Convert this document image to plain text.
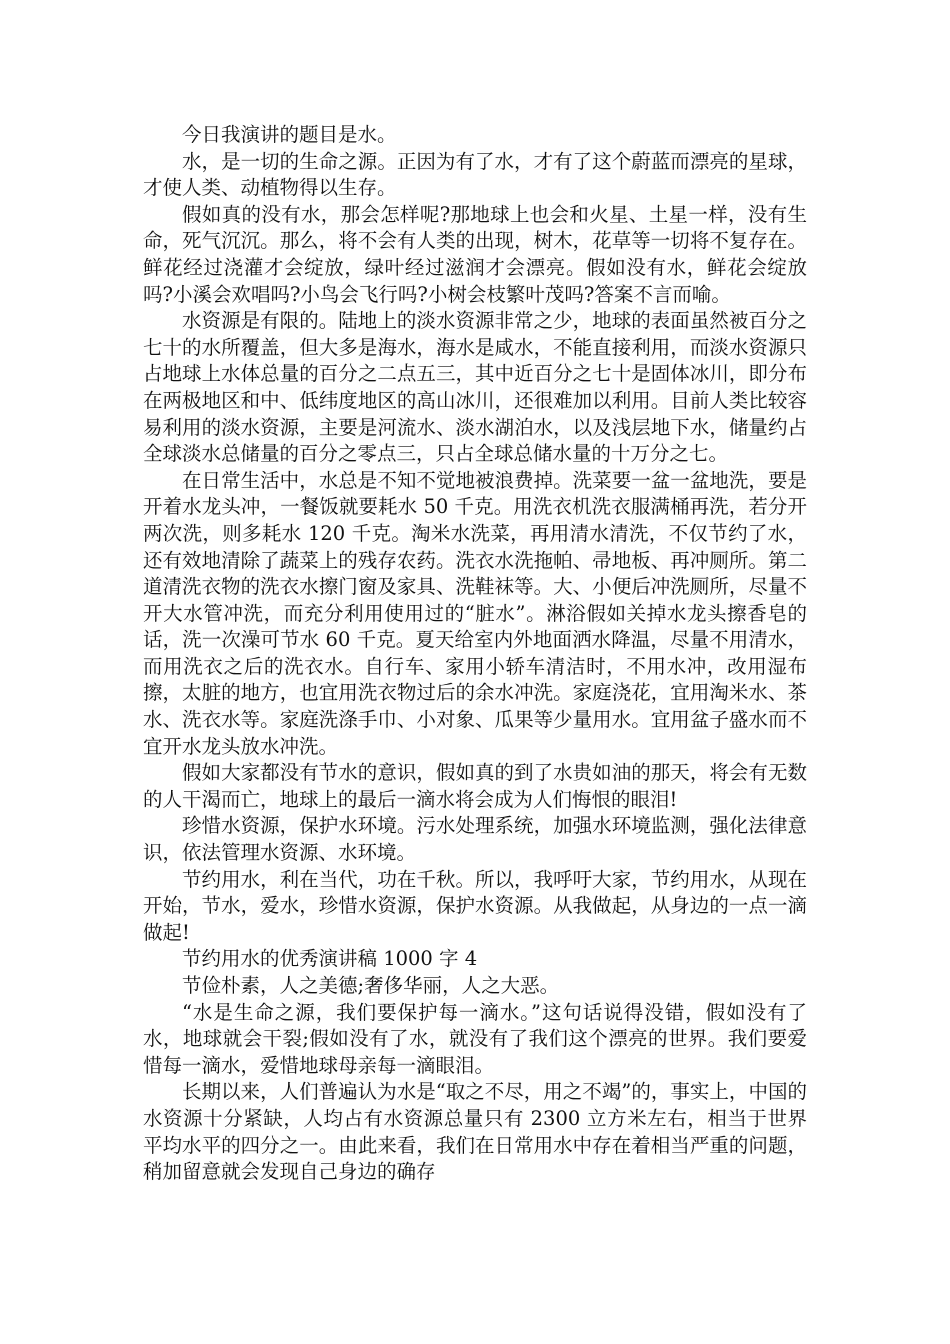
今日我演讲的题目是水。

水，是一切的生命之源。正因为有了水，才有了这个蔚蓝而漂亮的星球，才使人类、动植物得以生存。

假如真的没有水，那会怎样呢?那地球上也会和火星、土星一样，没有生命，死气沉沉。那么，将不会有人类的出现，树木，花草等一切将不复存在。鲜花经过浇灌才会绽放，绿叶经过滋润才会漂亮。假如没有水，鲜花会绽放吗?小溪会欢唱吗?小鸟会飞行吗?小树会枝繁叶茂吗?答案不言而喻。

水资源是有限的。陆地上的淡水资源非常之少，地球的表面虽然被百分之七十的水所覆盖，但大多是海水，海水是咸水，不能直接利用，而淡水资源只占地球上水体总量的百分之二点五三，其中近百分之七十是固体冰川，即分布在两极地区和中、低纬度地区的高山冰川，还很难加以利用。目前人类比较容易利用的淡水资源，主要是河流水、淡水湖泊水，以及浅层地下水，储量约占全球淡水总储量的百分之零点三，只占全球总储水量的十万分之七。

在日常生活中，水总是不知不觉地被浪费掉。洗菜要一盆一盆地洗，要是开着水龙头冲，一餐饭就要耗水 50 千克。用洗衣机洗衣服满桶再洗，若分开两次洗，则多耗水 120 千克。淘米水洗菜，再用清水清洗，不仅节约了水，还有效地清除了蔬菜上的残存农药。洗衣水洗拖帕、帚地板、再冲厕所。第二道清洗衣物的洗衣水擦门窗及家具、洗鞋袜等。大、小便后冲洗厕所，尽量不开大水管冲洗，而充分利用使用过的“脏水”。淋浴假如关掉水龙头擦香皂的话，洗一次澡可节水 60 千克。夏天给室内外地面洒水降温，尽量不用清水，而用洗衣之后的洗衣水。自行车、家用小轿车清洁时，不用水冲，改用湿布擦，太脏的地方，也宜用洗衣物过后的余水冲洗。家庭浇花，宜用淘米水、茶水、洗衣水等。家庭洗涤手巾、小对象、瓜果等少量用水。宜用盆子盛水而不宜开水龙头放水冲洗。

假如大家都没有节水的意识，假如真的到了水贵如油的那天，将会有无数的人干渴而亡，地球上的最后一滴水将会成为人们悔恨的眼泪!

珍惜水资源，保护水环境。污水处理系统，加强水环境监测，强化法律意识，依法管理水资源、水环境。

节约用水，利在当代，功在千秋。所以，我呼吁大家，节约用水，从现在开始，节水，爱水，珍惜水资源，保护水资源。从我做起，从身边的一点一滴做起!

节约用水的优秀演讲稿 1000 字 4

节俭朴素，人之美德;奢侈华丽，人之大恶。

“水是生命之源，我们要保护每一滴水。”这句话说得没错，假如没有了水，地球就会干裂;假如没有了水，就没有了我们这个漂亮的世界。我们要爱惜每一滴水，爱惜地球母亲每一滴眼泪。

长期以来，人们普遍认为水是“取之不尽，用之不竭”的，事实上，中国的水资源十分紧缺，人均占有水资源总量只有 2300 立方米左右，相当于世界平均水平的四分之一。由此来看，我们在日常用水中存在着相当严重的问题，稍加留意就会发现自己身边的确存
